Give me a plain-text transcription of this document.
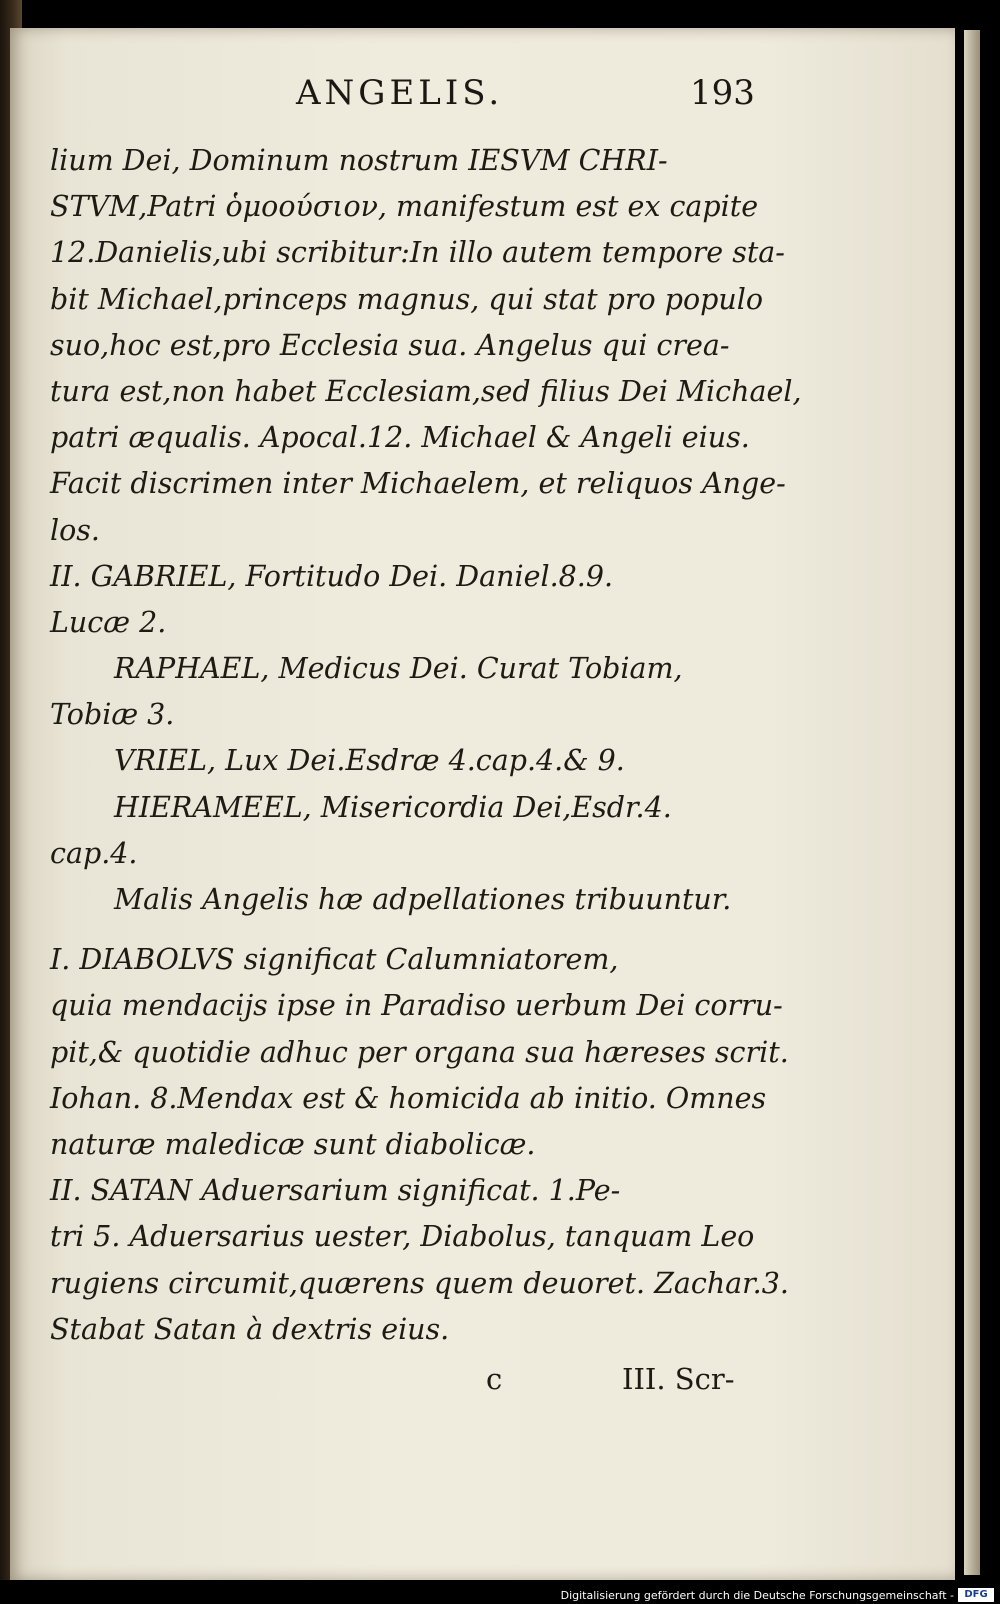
ANGELIS.	193
lium Dei, Dominum nostrum IESVM CHRI-
STVM,Patri ὁμοούσιον, manifestum est ex capite
12.Danielis,ubi scribitur:In illo autem tempore sta-
bit Michael,princeps magnus, qui stat pro populo
suo,hoc est,pro Ecclesia sua. Angelus qui crea-
tura est,non habet Ecclesiam,sed filius Dei Michael,
patri æqualis. Apocal.12. Michael & Angeli eius.
Facit discrimen inter Michaelem, et reliquos Ange-
los.
II. GABRIEL, Fortitudo Dei. Daniel.8.9.
Lucæ 2.
RAPHAEL, Medicus Dei. Curat Tobiam,
Tobiæ 3.
VRIEL, Lux Dei.Esdræ 4.cap.4.& 9.
HIERAMEEL, Misericordia Dei,Esdr.4.
cap.4.
Malis Angelis hæ adpellationes tribuuntur.
I. DIABOLVS significat Calumniatorem,
quia mendacijs ipse in Paradiso uerbum Dei corru-
pit,& quotidie adhuc per organa sua hæreses scrit.
Iohan. 8.Mendax est & homicida ab initio. Omnes
naturæ maledicæ sunt diabolicæ.
II. SATAN Aduersarium significat. 1.Pe-
tri 5. Aduersarius uester, Diabolus, tanquam Leo
rugiens circumit,quærens quem deuoret. Zachar.3.
Stabat Satan à dextris eius.
c	III. Scr-
Digitalisierung gefördert durch die Deutsche Forschungsgemeinschaft -	DFG
